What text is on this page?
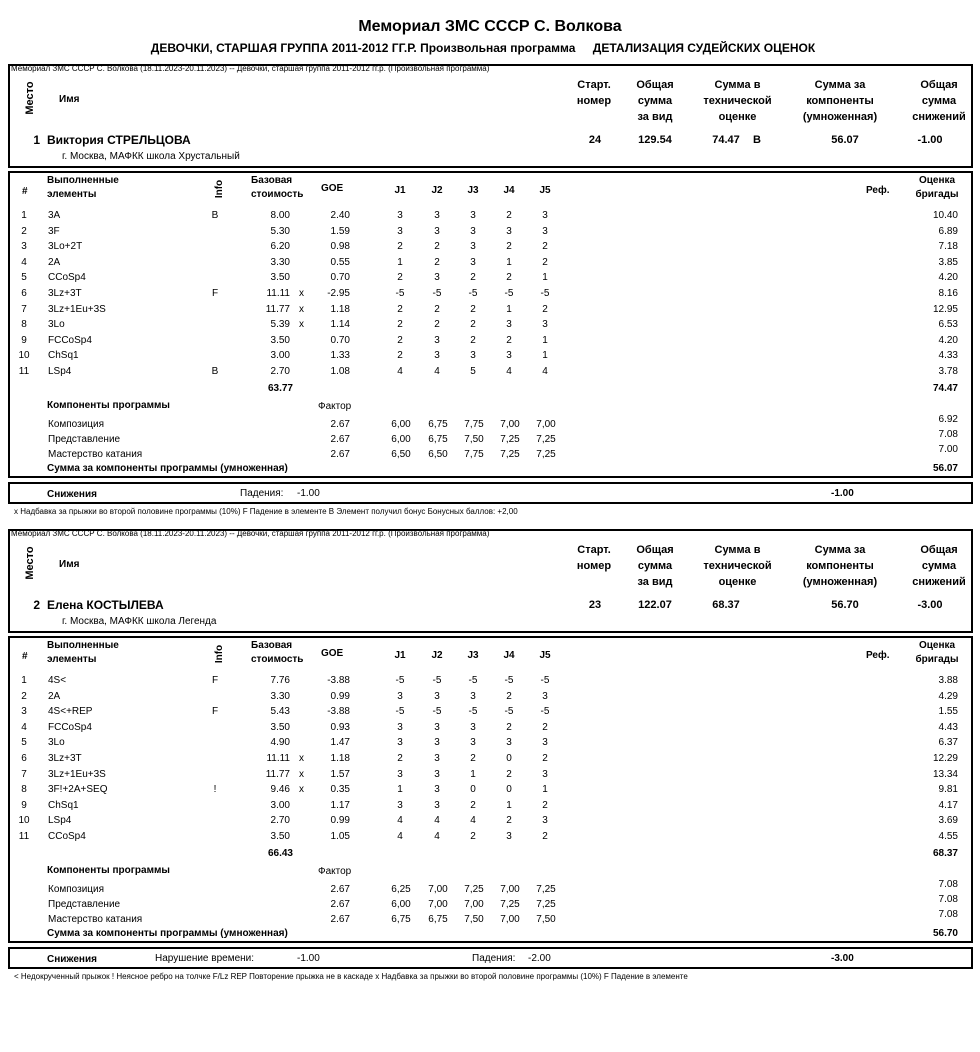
Мемориал ЗМС СССР С. Волкова
ДЕВОЧКИ, СТАРШАЯ ГРУППА 2011-2012 ГГ.Р. Произвольная программа ДЕТАЛИЗАЦИЯ СУДЕЙСКИХ ОЦЕНОК
Мемориал ЗМС СССР С. Волкова (18.11.2023-20.11.2023) -- Девочки, старшая группа 2011-2012 гг.р. (Произвольная программа)
Место Имя
Старт.
номер
Общая
сумма
за вид
Сумма в
технической
оценке
Сумма за
компоненты
(умноженная)
Общая
сумма
снижений
1 Виктория СТРЕЛЬЦОВА
г. Москва, МАФКК школа Хрустальный
24	129.54	74.47	56.07	-1.00
B
#
Выполненные
элементы	Info	Базовая
стоимость
GOE	J1	J2	J3	J4	J5	Реф.
Оценка
бригады
1	3A	B	8.00	2.40	3	3	3	2	3	10.40
2	3F	5.30	1.59	3	3	3	3	3	6.89
3	3Lo+2T	6.20	0.98	2	2	3	2	2	7.18
4	2A	3.30	0.55	1	2	3	1	2	3.85
5	CCoSp4	3.50	0.70	2	3	2	2	1	4.20
6	3Lz+3T	F	11.11 x	-2.95	-5	-5	-5	-5	-5	8.16
7	3Lz+1Eu+3S	11.77 x	1.18	2	2	2	1	2	12.95
8	3Lo	5.39 x	1.14	2	2	2	3	3	6.53
9	FCCoSp4	3.50	0.70	2	3	2	2	1	4.20
10	ChSq1	3.00	1.33	2	3	3	3	1	4.33
11	LSp4	B	2.70	1.08	4	4	5	4	4	3.78
63.77	74.47
Компоненты программы	Фактор
Композиция	2.67	6,00	6,75	7,75	7,00	7,00	6.92
Представление	2.67	6,00	6,75	7,50	7,25	7,25	7.08
Мастерство катания	2.67	6,50	6,50	7,75	7,25	7,25	7.00
Сумма за компоненты программы (умноженная)	56.07
Снижения	Падения: -1.00	-1.00
x Надбавка за прыжки во второй половине программы (10%) F Падение в элементе B Элемент получил бонус Бонусных баллов: +2,00
Мемориал ЗМС СССР С. Волкова (18.11.2023-20.11.2023) -- Девочки, старшая группа 2011-2012 гг.р. (Произвольная программа)
Место Имя
Старт.
номер
Общая
сумма
за вид
Сумма в
технической
оценке
Сумма за
компоненты
(умноженная)
Общая
сумма
снижений
2 Елена КОСТЫЛЕВА
г. Москва, МАФКК школа Легенда
23	122.07	68.37	56.70	-3.00
#
Выполненные
элементы	Info	Базовая
стоимость
GOE	J1	J2	J3	J4	J5	Реф.
Оценка
бригады
1	4S<	F	7.76	-3.88	-5	-5	-5	-5	-5	3.88
2	2A	3.30	0.99	3	3	3	2	3	4.29
3	4S<+REP	F	5.43	-3.88	-5	-5	-5	-5	-5	1.55
4	FCCoSp4	3.50	0.93	3	3	3	2	2	4.43
5	3Lo	4.90	1.47	3	3	3	3	3	6.37
6	3Lz+3T	11.11 x	1.18	2	3	2	0	2	12.29
7	3Lz+1Eu+3S	11.77 x	1.57	3	3	1	2	3	13.34
8	3F!+2A+SEQ	!	9.46 x	0.35	1	3	0	0	1	9.81
9	ChSq1	3.00	1.17	3	3	2	1	2	4.17
10	LSp4	2.70	0.99	4	4	4	2	3	3.69
11	CCoSp4	3.50	1.05	4	4	2	3	2	4.55
66.43	68.37
Компоненты программы	Фактор
Композиция	2.67	6,25	7,00	7,25	7,00	7,25	7.08
Представление	2.67	6,00	7,00	7,00	7,25	7,25	7.08
Мастерство катания	2.67	6,75	6,75	7,50	7,00	7,50	7.08
Сумма за компоненты программы (умноженная)	56.70
Снижения	Нарушение времени:	-1.00	Падения: -2.00	-3.00
< Недокрученный прыжок ! Неясное ребро на толчке F/Lz REP Повторение прыжка не в каскаде x Надбавка за прыжки во второй половине программы (10%) F Падение в элементе
